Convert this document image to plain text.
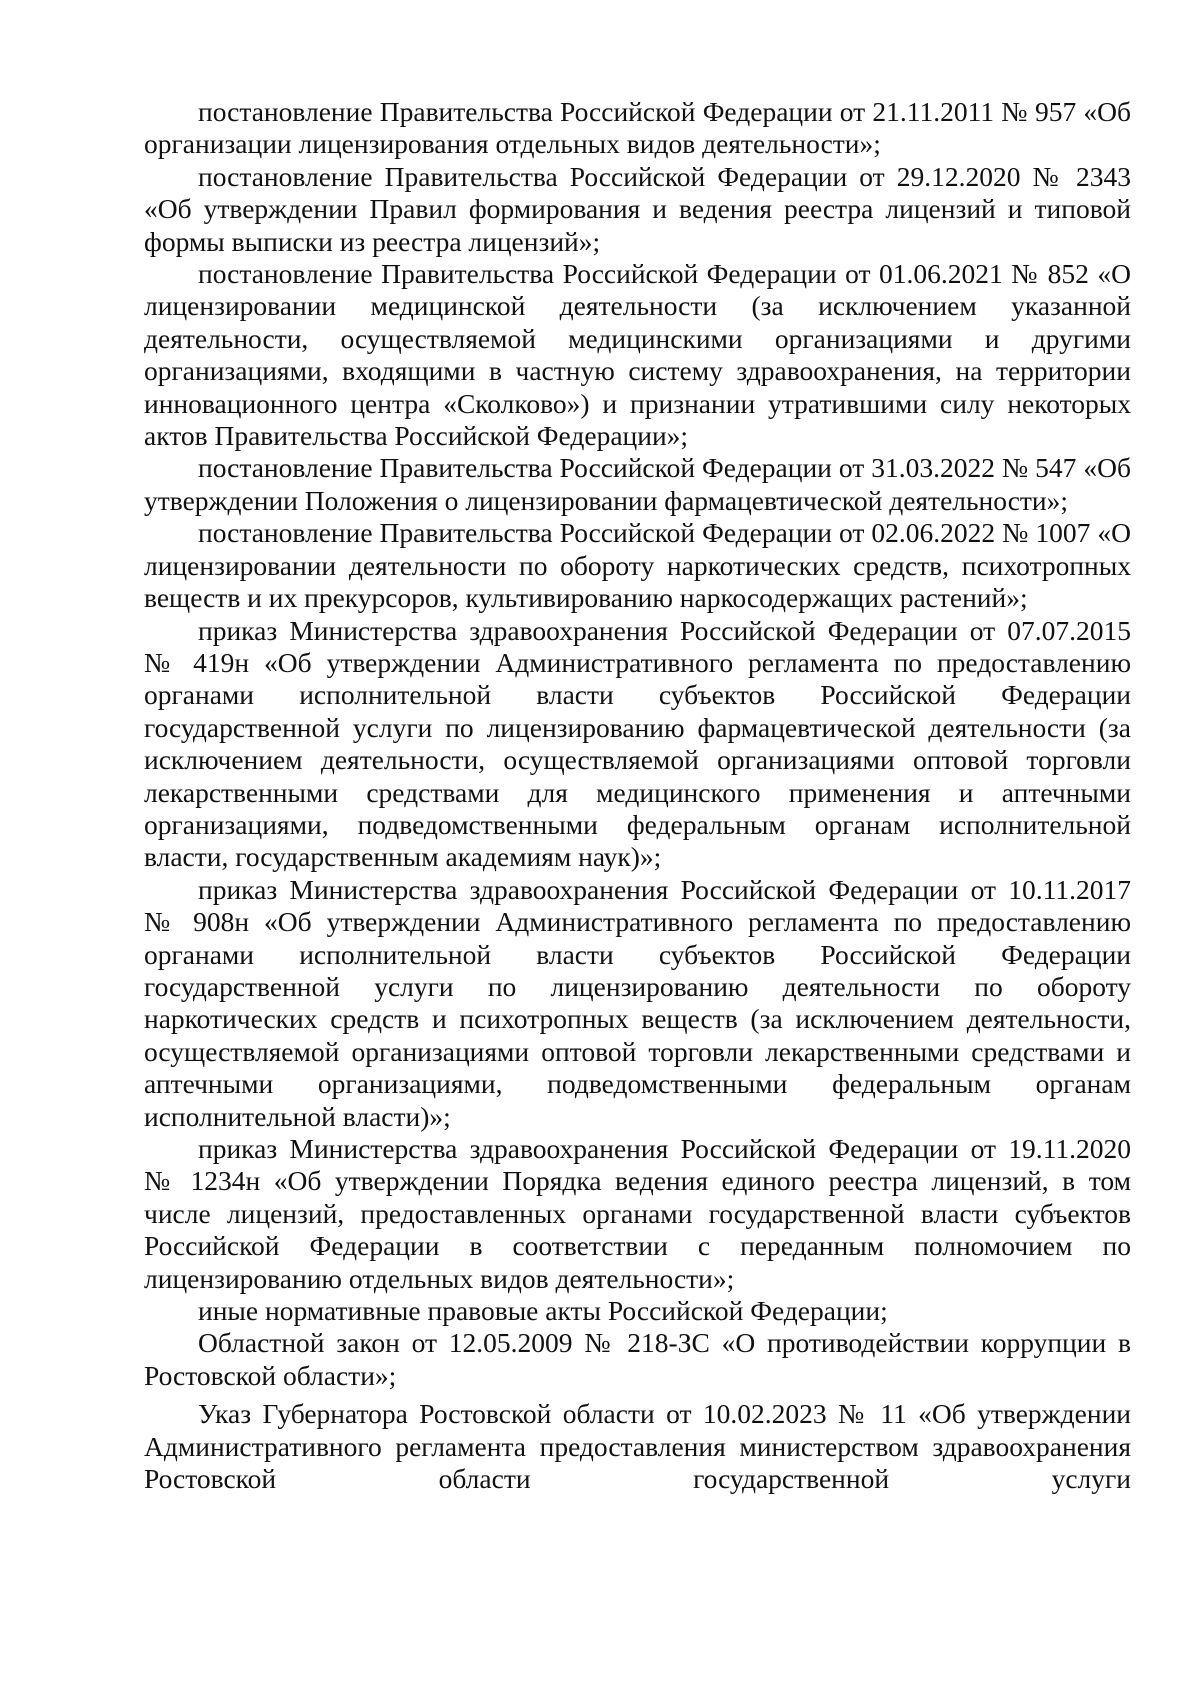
постановление Правительства Российской Федерации от 21.11.2011 № 957 «Об организации лицензирования отдельных видов деятельности»;

постановление Правительства Российской Федерации от 29.12.2020 № 2343 «Об утверждении Правил формирования и ведения реестра лицензий и типовой формы выписки из реестра лицензий»;

постановление Правительства Российской Федерации от 01.06.2021 № 852 «О лицензировании медицинской деятельности (за исключением указанной деятельности, осуществляемой медицинскими организациями и другими организациями, входящими в частную систему здравоохранения, на территории инновационного центра «Сколково») и признании утратившими силу некоторых актов Правительства Российской Федерации»;

постановление Правительства Российской Федерации от 31.03.2022 № 547 «Об утверждении Положения о лицензировании фармацевтической деятельности»;

постановление Правительства Российской Федерации от 02.06.2022 № 1007 «О лицензировании деятельности по обороту наркотических средств, психотропных веществ и их прекурсоров, культивированию наркосодержащих растений»;

приказ Министерства здравоохранения Российской Федерации от 07.07.2015 № 419н «Об утверждении Административного регламента по предоставлению органами исполнительной власти субъектов Российской Федерации государственной услуги по лицензированию фармацевтической деятельности (за исключением деятельности, осуществляемой организациями оптовой торговли лекарственными средствами для медицинского применения и аптечными организациями, подведомственными федеральным органам исполнительной власти, государственным академиям наук)»;

приказ Министерства здравоохранения Российской Федерации от 10.11.2017 № 908н «Об утверждении Административного регламента по предоставлению органами исполнительной власти субъектов Российской Федерации государственной услуги по лицензированию деятельности по обороту наркотических средств и психотропных веществ (за исключением деятельности, осуществляемой организациями оптовой торговли лекарственными средствами и аптечными организациями, подведомственными федеральным органам исполнительной власти)»;

приказ Министерства здравоохранения Российской Федерации от 19.11.2020 № 1234н «Об утверждении Порядка ведения единого реестра лицензий, в том числе лицензий, предоставленных органами государственной власти субъектов Российской Федерации в соответствии с переданным полномочием по лицензированию отдельных видов деятельности»;

иные нормативные правовые акты Российской Федерации;

Областной закон от 12.05.2009 № 218-ЗС «О противодействии коррупции в Ростовской области»;

Указ Губернатора Ростовской области от 10.02.2023 № 11 «Об утверждении Административного регламента предоставления министерством здравоохранения Ростовской области государственной услуги
